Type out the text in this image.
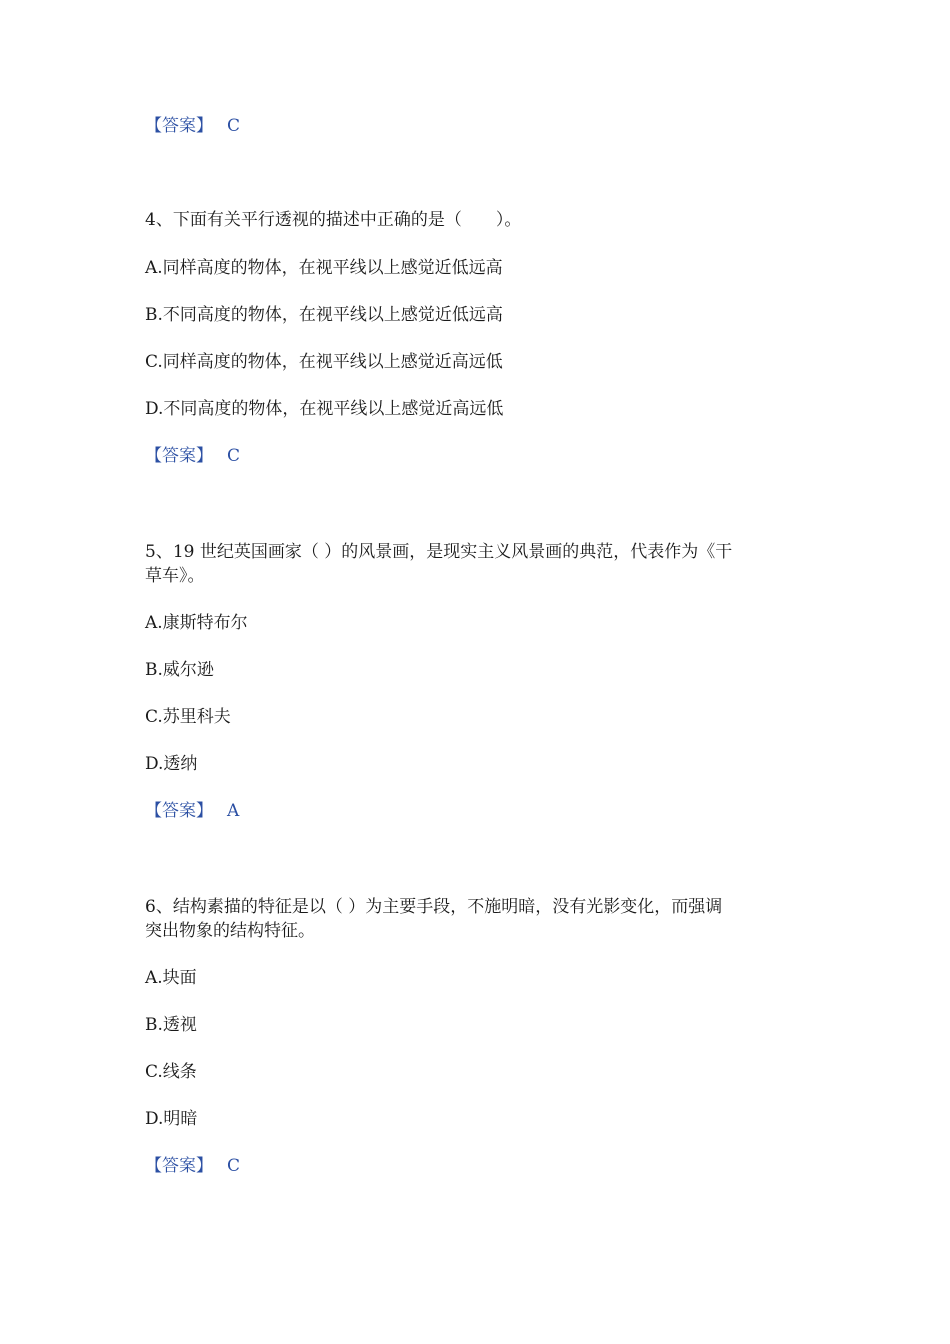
【答案】 C
4、下面有关平行透视的描述中正确的是（　　）。
A.同样高度的物体，在视平线以上感觉近低远高
B.不同高度的物体，在视平线以上感觉近低远高
C.同样高度的物体，在视平线以上感觉近高远低
D.不同高度的物体，在视平线以上感觉近高远低
【答案】 C
5、19 世纪英国画家（ ）的风景画，是现实主义风景画的典范，代表作为《干
草车》。
A.康斯特布尔
B.威尔逊
C.苏里科夫
D.透纳
【答案】 A
6、结构素描的特征是以（ ）为主要手段，不施明暗，没有光影变化，而强调
突出物象的结构特征。
A.块面
B.透视
C.线条
D.明暗
【答案】 C
